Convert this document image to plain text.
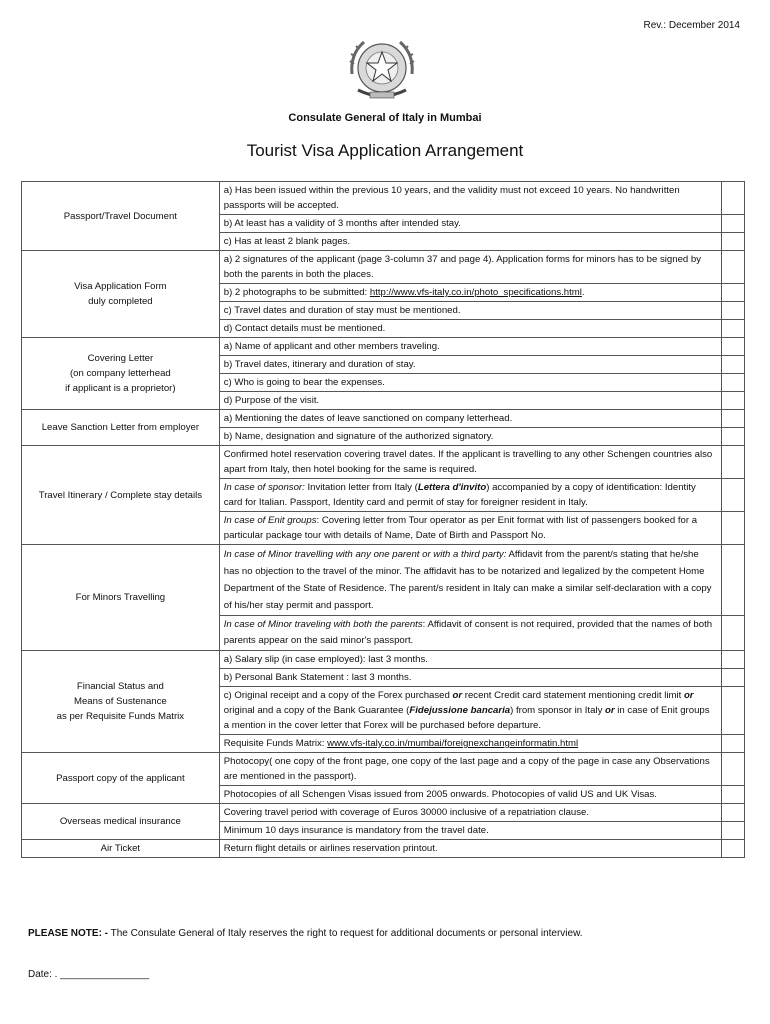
Rev.: December 2014
Consulate General of Italy in Mumbai
Tourist Visa Application Arrangement
Passport/Travel Document	a) Has been issued within the previous 10 years, and the validity must not exceed 10 years. No handwritten passports will be accepted.	
	b) At least has a validity of 3 months after intended stay.	
	c) Has at least 2 blank pages.	
Visa Application Form
duly completed	a) 2 signatures of the applicant (page 3-column 37 and page 4). Application forms for minors has to be signed by both the parents in both the places.	
	b) 2 photographs to be submitted: http://www.vfs-italy.co.in/photo_specifications.html.	
	c) Travel dates and duration of stay must be mentioned.	
	d) Contact details must be mentioned.	
Covering Letter
(on company letterhead
if applicant is a proprietor)	a) Name of applicant and other members traveling.	
	b) Travel dates, itinerary and duration of stay.	
	c) Who is going to bear the expenses.	
	d) Purpose of the visit.	
Leave Sanction Letter from employer	a) Mentioning the dates of leave sanctioned on company letterhead.	
	b) Name, designation and signature of the authorized signatory.	
Travel Itinerary / Complete stay details	Confirmed hotel reservation covering travel dates. If the applicant is travelling to any other Schengen countries also apart from Italy, then hotel booking for the same is required.	
	In case of sponsor: Invitation letter from Italy (Lettera d'invito) accompanied by a copy of identification: Identity card for Italian. Passport, Identity card and permit of stay for foreigner resident in Italy.	
	In case of Enit groups: Covering letter from Tour operator as per Enit format with list of passengers booked for a particular package tour with details of Name, Date of Birth and Passport No.	
For Minors Travelling	In case of Minor travelling with any one parent or with a third party: Affidavit from the parent/s stating that he/she has no objection to the travel of the minor. The affidavit has to be notarized and legalized by the competent Home Department of the State of Residence. The parent/s resident in Italy can make a similar self-declaration with a copy of his/her stay permit and passport.	
	In case of Minor traveling with both the parents: Affidavit of consent is not required, provided that the names of both parents appear on the said minor's passport.	
Financial Status and
Means of Sustenance
as per Requisite Funds Matrix	a) Salary slip (in case employed): last 3 months.	
	b) Personal Bank Statement : last 3 months.	
	c) Original receipt and a copy of the Forex purchased or recent Credit card statement mentioning credit limit or original and a copy of the Bank Guarantee (Fidejussione bancaria) from sponsor in Italy or in case of Enit groups a mention in the cover letter that Forex will be purchased before departure.	
	Requisite Funds Matrix: www.vfs-italy.co.in/mumbai/foreignexchangeinformatin.html	
Passport copy of the applicant	Photocopy( one copy of the front page, one copy of the last page and a copy of the page in case any Observations are mentioned in the passport).	
	Photocopies of all Schengen Visas issued from 2005 onwards. Photocopies of valid US and UK Visas.	
Overseas medical insurance	Covering travel period with coverage of Euros 30000 inclusive of a repatriation clause.	
	Minimum 10 days insurance is mandatory from the travel date.	
Air Ticket	Return flight details or airlines reservation printout.	
PLEASE NOTE: - The Consulate General of Italy reserves the right to request for additional documents or personal interview.
Date: . ________________
